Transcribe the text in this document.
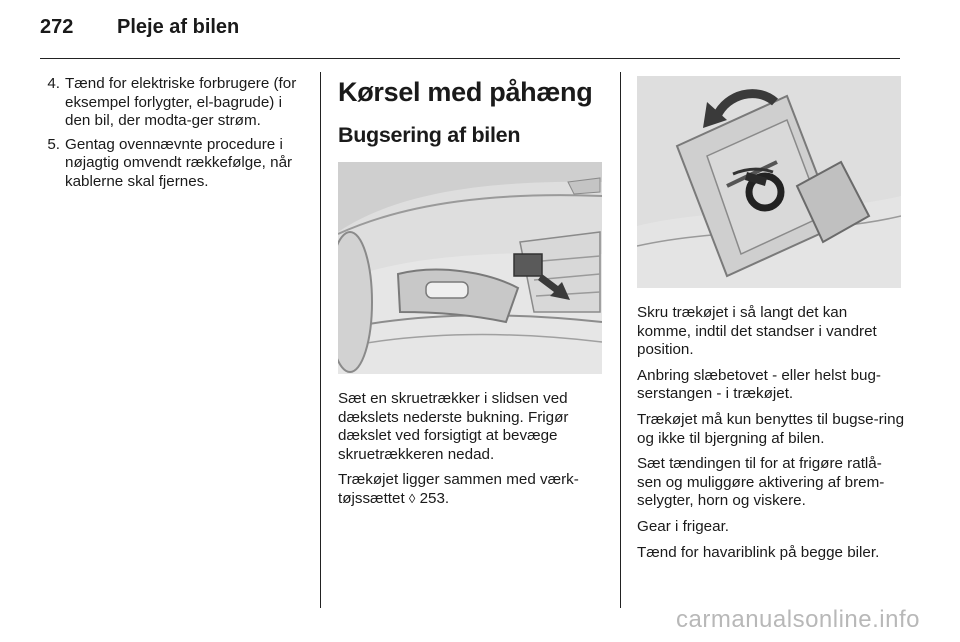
272 Pleje af bilen
4. Tænd for elektriske forbrugere (for eksempel forlygter, el-bagrude) i den bil, der modta-ger strøm.
5. Gentag ovennævnte procedure i nøjagtig omvendt rækkefølge, når kablerne skal fjernes.
Kørsel med påhæng
Bugsering af bilen

Sæt en skruetrækker i slidsen ved dækslets nederste bukning. Frigør dækslet ved forsigtigt at bevæge skruetrækkeren nedad.

Trækøjet ligger sammen med værk-tøjssættet ◊ 253.

Skru trækøjet i så langt det kan komme, indtil det standser i vandret position.

Anbring slæbetovet - eller helst bug-serstangen - i trækøjet.

Trækøjet må kun benyttes til bugse-ring og ikke til bjergning af bilen.

Sæt tændingen til for at frigøre ratlå-sen og muliggøre aktivering af brem-selygter, horn og viskere.

Gear i frigear.

Tænd for havariblink på begge biler.

carmanualsonline.info
